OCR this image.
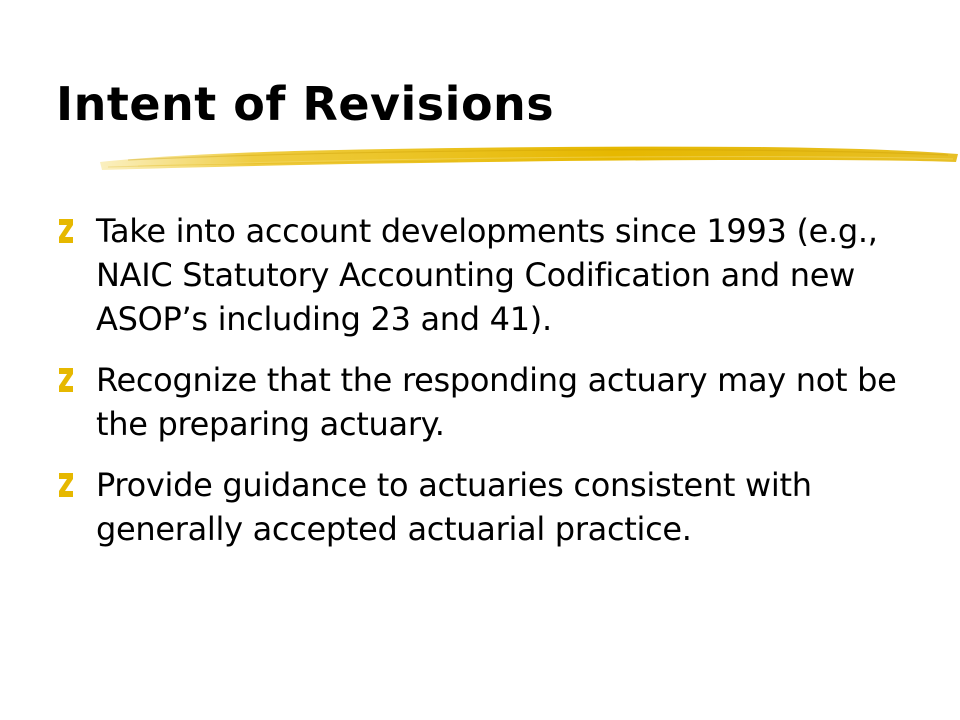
Intent of Revisions
Take into account developments since 1993 (e.g., NAIC Statutory Accounting Codification and new ASOP’s including 23 and 41).
Recognize that the responding actuary may not be the preparing actuary.
Provide guidance to actuaries consistent with generally accepted actuarial practice.
